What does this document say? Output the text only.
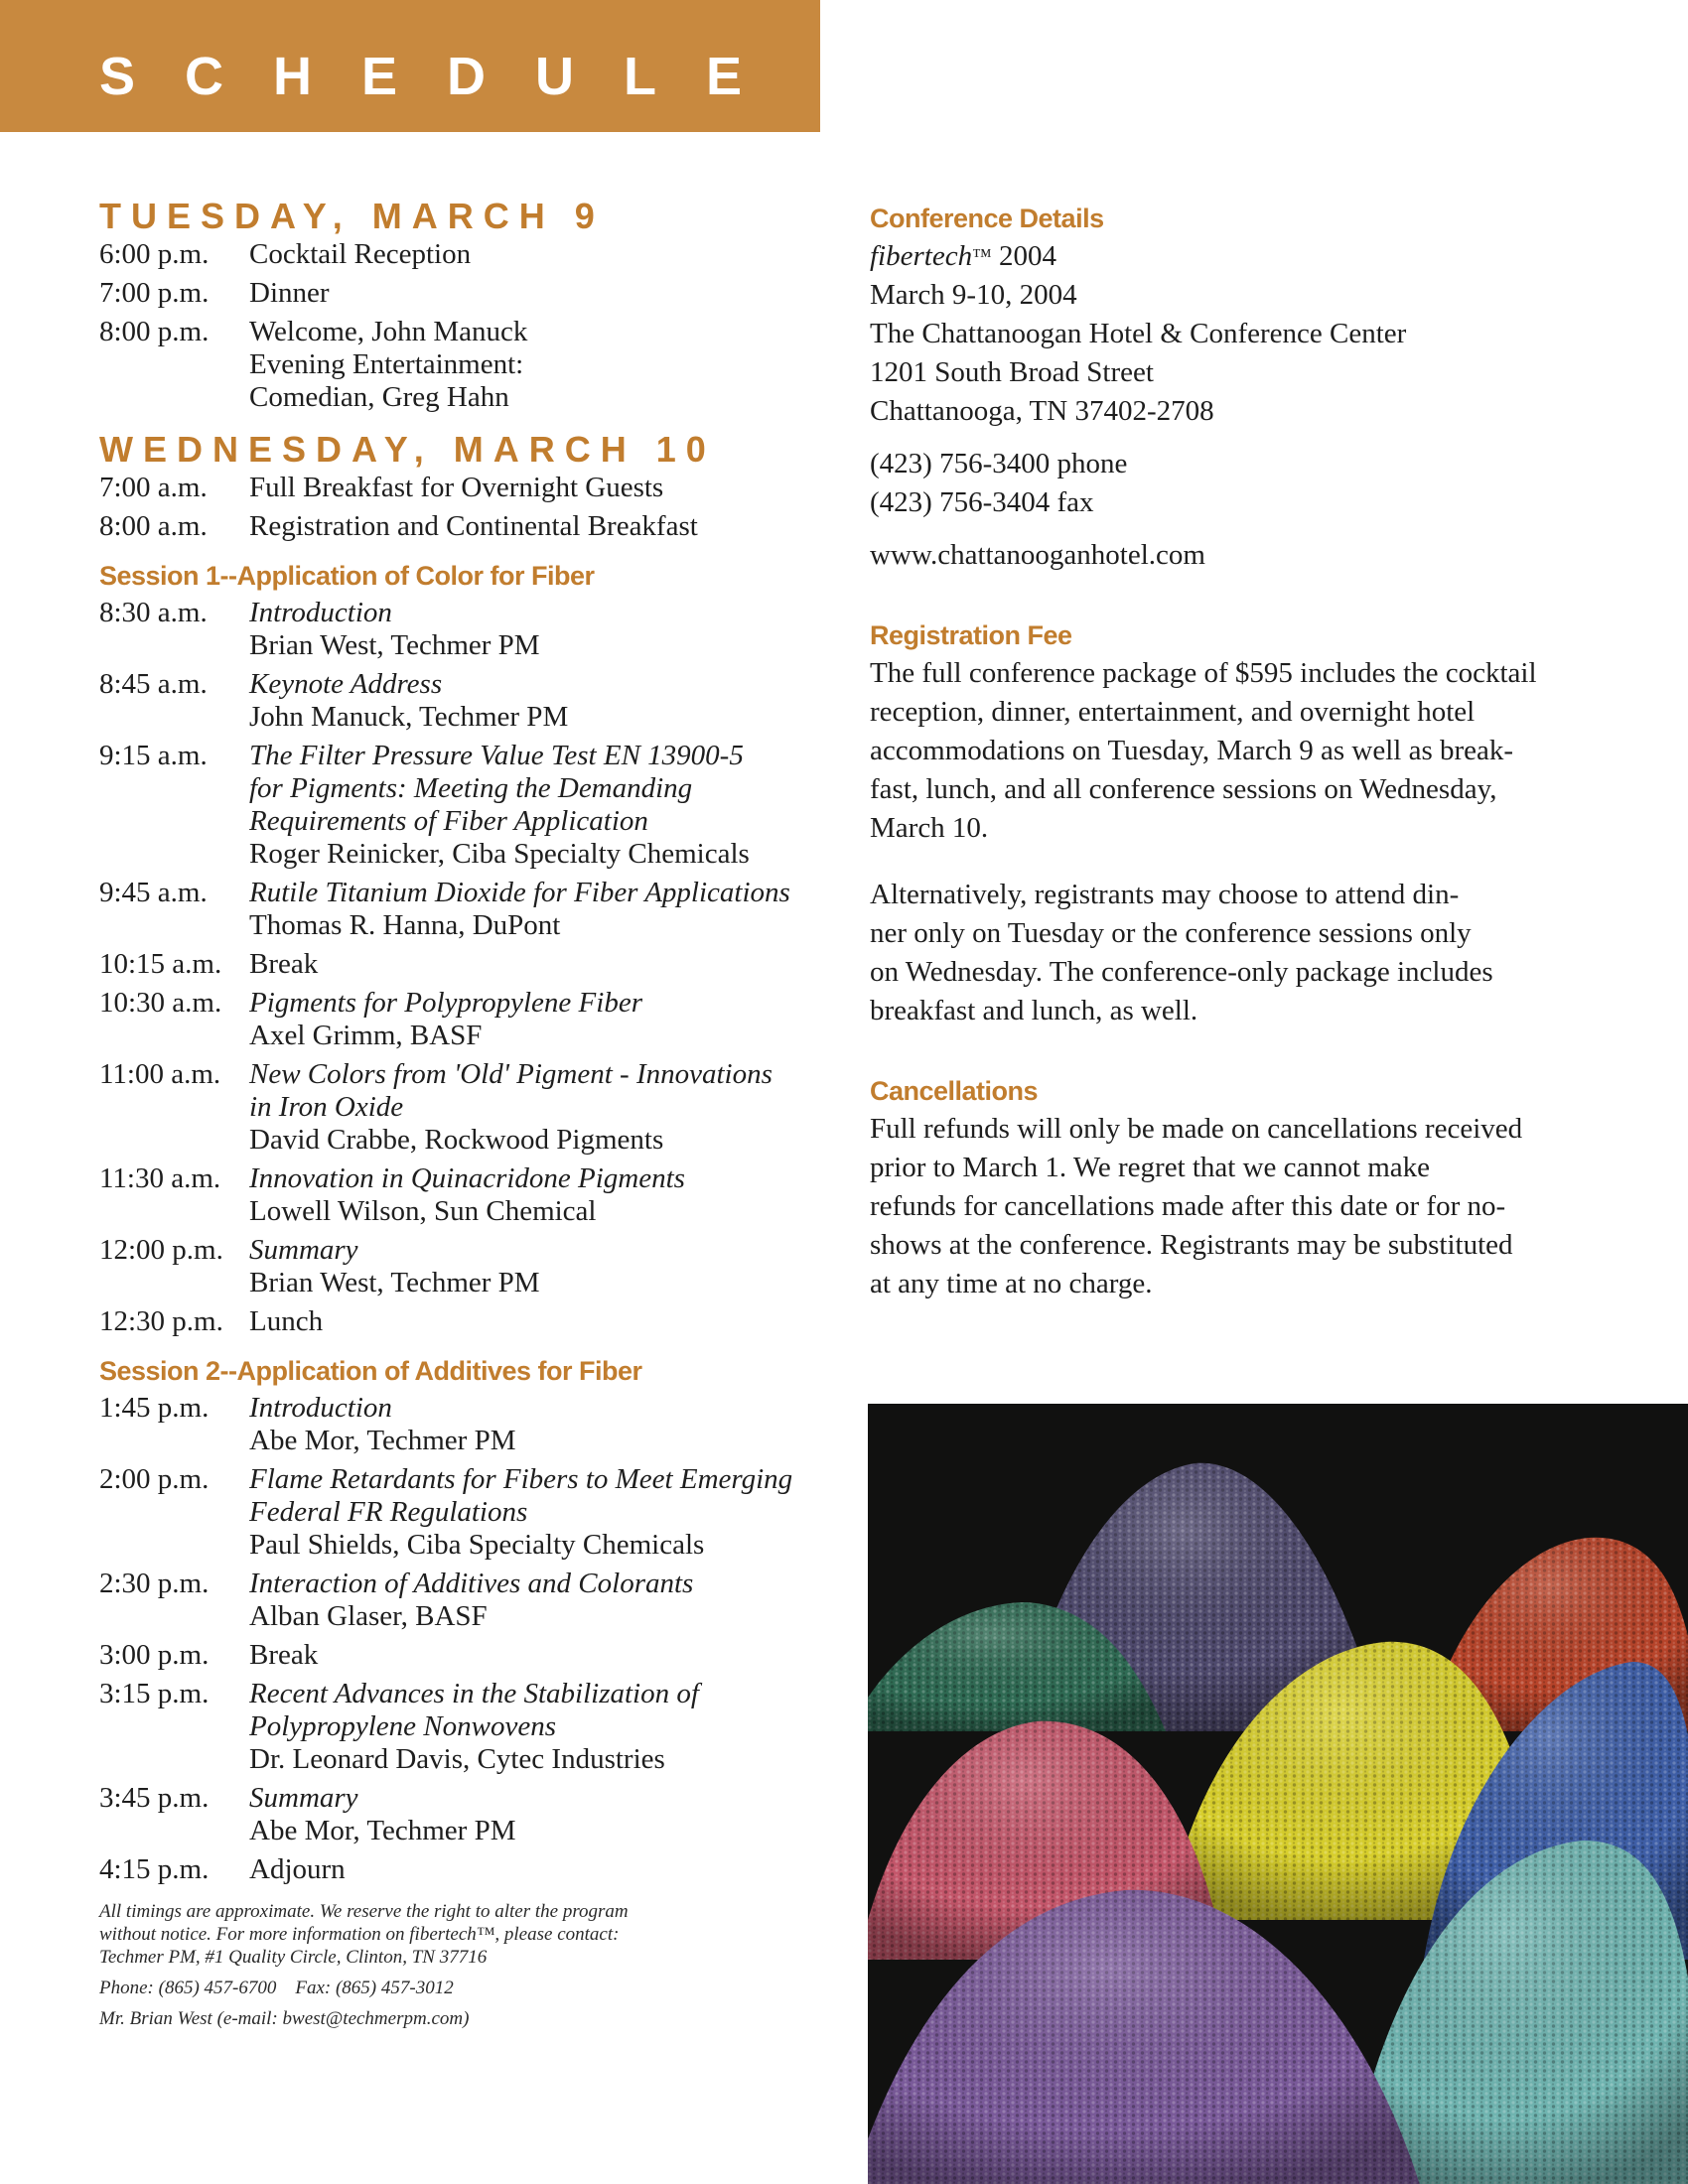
SCHEDULE
TUESDAY, MARCH 9
6:00 p.m.	Cocktail Reception
7:00 p.m.	Dinner
8:00 p.m.	Welcome, John Manuck
Evening Entertainment:
Comedian, Greg Hahn
WEDNESDAY, MARCH 10
7:00 a.m.	Full Breakfast for Overnight Guests
8:00 a.m.	Registration and Continental Breakfast
Session 1--Application of Color for Fiber
8:30 a.m.	Introduction
Brian West, Techmer PM
8:45 a.m.	Keynote Address
John Manuck, Techmer PM
9:15 a.m.	The Filter Pressure Value Test EN 13900-5
for Pigments: Meeting the Demanding
Requirements of Fiber Application
Roger Reinicker, Ciba Specialty Chemicals
9:45 a.m.	Rutile Titanium Dioxide for Fiber Applications
Thomas R. Hanna, DuPont
10:15 a.m. Break
10:30 a.m. Pigments for Polypropylene Fiber
Axel Grimm, BASF
11:00 a.m. New Colors from 'Old' Pigment - Innovations
in Iron Oxide
David Crabbe, Rockwood Pigments
11:30 a.m. Innovation in Quinacridone Pigments
Lowell Wilson, Sun Chemical
12:00 p.m. Summary
Brian West, Techmer PM
12:30 p.m. Lunch
Session 2--Application of Additives for Fiber
1:45 p.m.	Introduction
Abe Mor, Techmer PM
2:00 p.m.	Flame Retardants for Fibers to Meet Emerging
Federal FR Regulations
Paul Shields, Ciba Specialty Chemicals
2:30 p.m.	Interaction of Additives and Colorants
Alban Glaser, BASF
3:00 p.m.	Break
3:15 p.m.	Recent Advances in the Stabilization of
Polypropylene Nonwovens
Dr. Leonard Davis, Cytec Industries
3:45 p.m.	Summary
Abe Mor, Techmer PM
4:15 p.m.	Adjourn

All timings are approximate. We reserve the right to alter the program

without notice. For more information on fibertech™, please contact:

Techmer PM, #1 Quality Circle, Clinton, TN 37716

Phone: (865) 457-6700    Fax: (865) 457-3012

Mr. Brian West (e-mail: bwest@techmerpm.com)

Conference Details
fibertech™ 2004
March 9-10, 2004
The Chattanoogan Hotel & Conference Center
1201 South Broad Street
Chattanooga, TN 37402-2708
(423) 756-3400 phone
(423) 756-3404 fax
www.chattanooganhotel.com
Registration Fee
The full conference package of $595 includes the cocktail
reception, dinner, entertainment, and overnight hotel
accommodations on Tuesday, March 9 as well as break-
fast, lunch, and all conference sessions on Wednesday,
March 10.
Alternatively, registrants may choose to attend din-
ner only on Tuesday or the conference sessions only
on Wednesday. The conference-only package includes
breakfast and lunch, as well.
Cancellations
Full refunds will only be made on cancellations received
prior to March 1. We regret that we cannot make
refunds for cancellations made after this date or for no-
shows at the conference. Registrants may be substituted
at any time at no charge.
